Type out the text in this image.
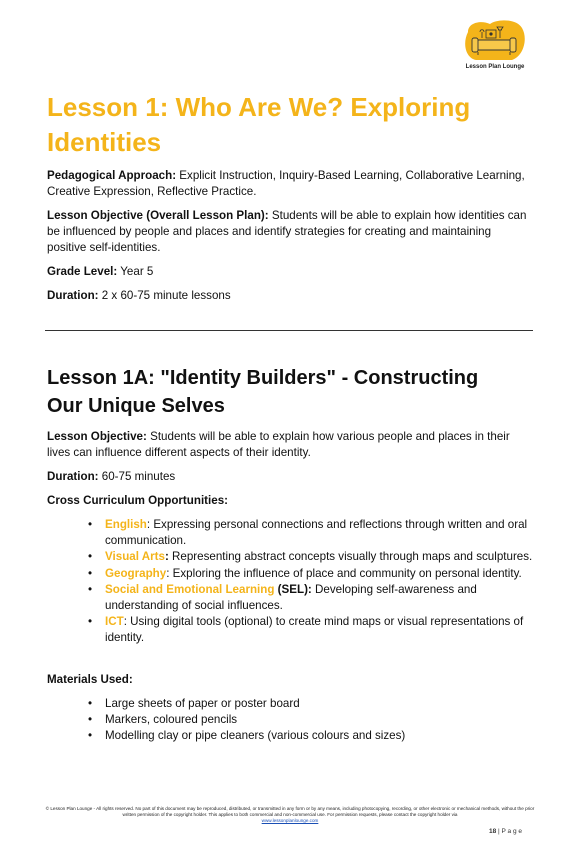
Lesson Plan Lounge
Lesson 1: Who Are We? Exploring
Identities

Pedagogical Approach: Explicit Instruction, Inquiry-Based Learning, Collaborative Learning, Creative Expression, Reflective Practice.

Lesson Objective (Overall Lesson Plan): Students will be able to explain how identities can be influenced by people and places and identify strategies for creating and maintaining positive self-identities.

Grade Level: Year 5

Duration: 2 x 60-75 minute lessons

Lesson 1A: "Identity Builders" - Constructing
Our Unique Selves

Lesson Objective: Students will be able to explain how various people and places in their lives can influence different aspects of their identity.

Duration: 60-75 minutes

Cross Curriculum Opportunities:

• English: Expressing personal connections and reflections through written and oral communication.
• Visual Arts: Representing abstract concepts visually through maps and sculptures.
• Geography: Exploring the influence of place and community on personal identity.
• Social and Emotional Learning (SEL): Developing self-awareness and understanding of social influences.
• ICT: Using digital tools (optional) to create mind maps or visual representations of identity.

Materials Used:

• Large sheets of paper or poster board
• Markers, coloured pencils
• Modelling clay or pipe cleaners (various colours and sizes)
© Lesson Plan Lounge - All rights reserved. No part of this document may be reproduced, distributed, or transmitted in any form or by any means, including photocopying, recording, or other electronic or mechanical methods, without the prior written permission of the copyright holder. This applies to both commercial and non-commercial use. For permission requests, please contact the copyright holder via
www.lessonplanlounge.com
18 | P a g e
